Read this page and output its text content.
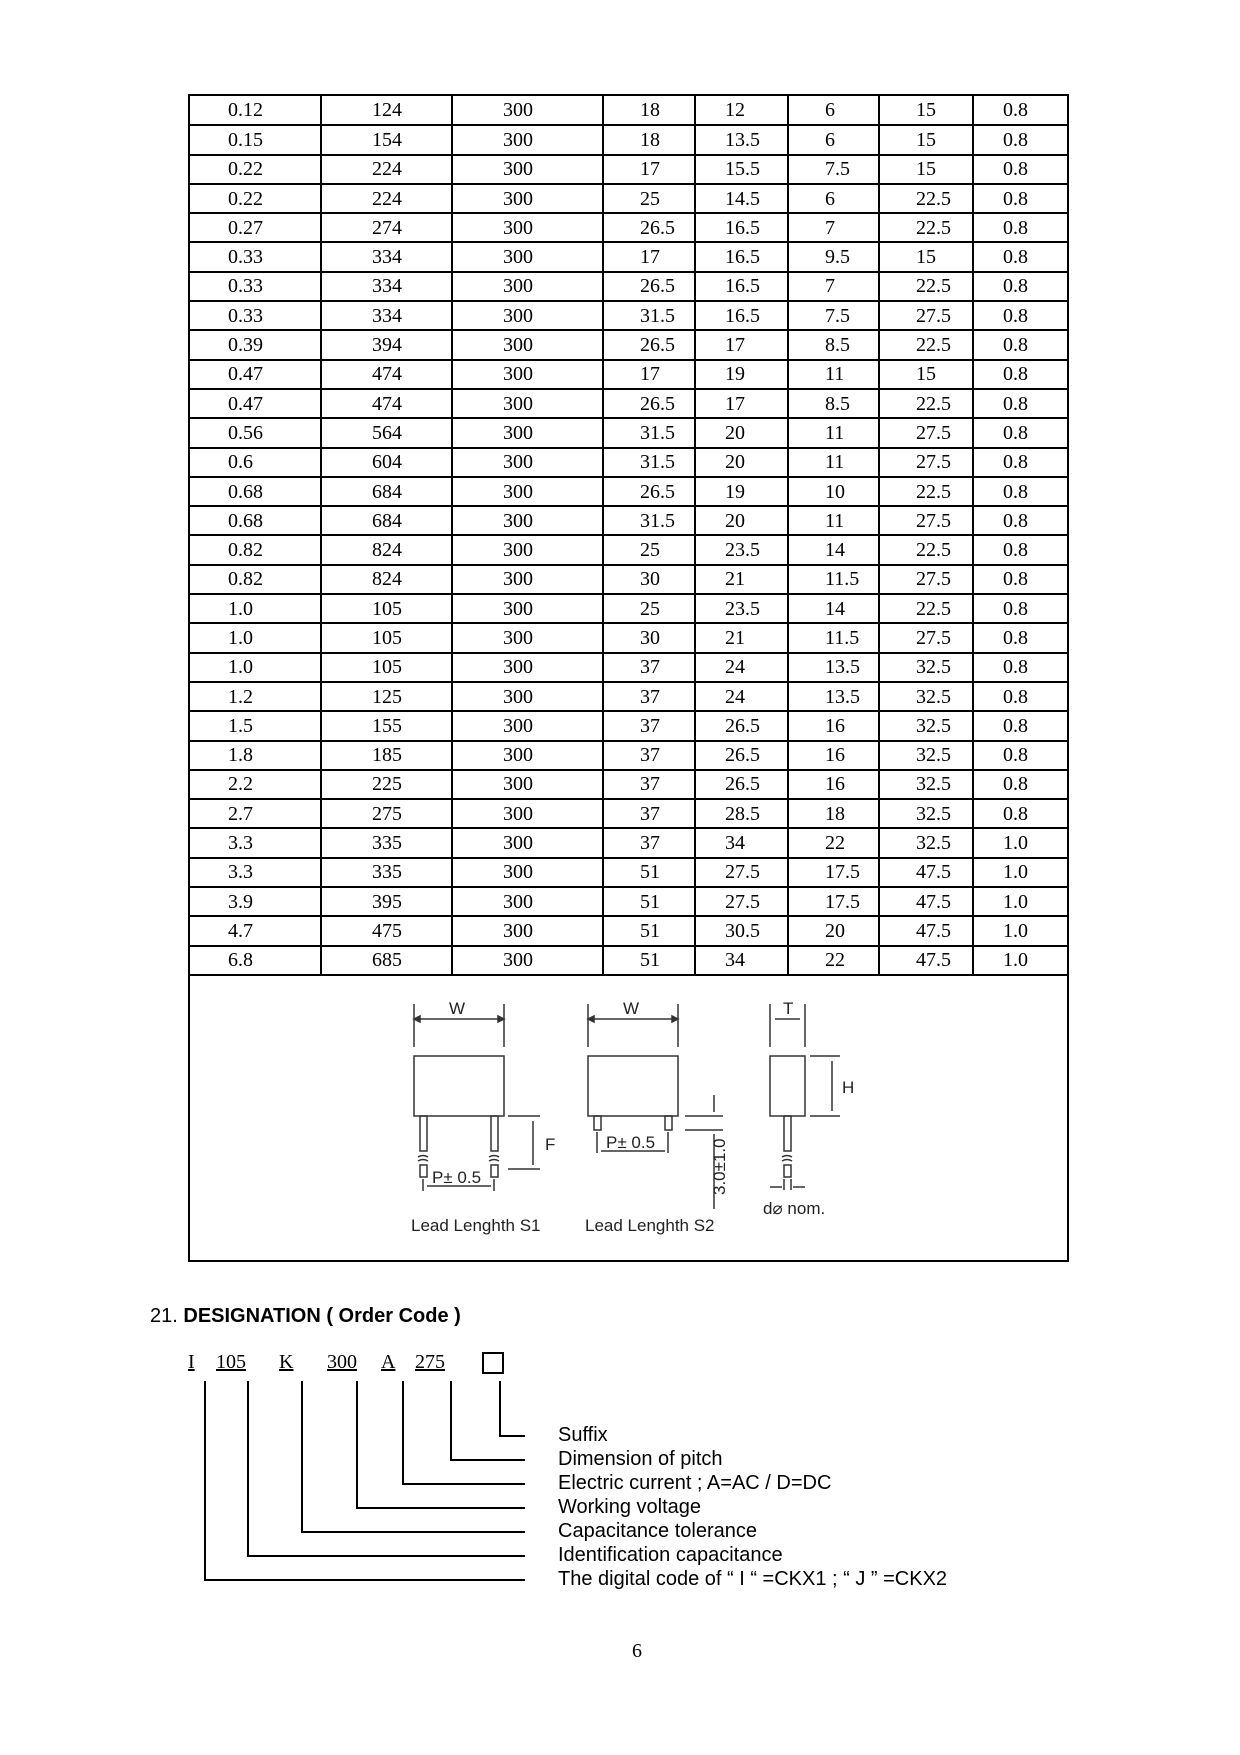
0.12	124	300	18	12	6	15	0.8
0.15	154	300	18	13.5	6	15	0.8
0.22	224	300	17	15.5	7.5	15	0.8
0.22	224	300	25	14.5	6	22.5	0.8
0.27	274	300	26.5	16.5	7	22.5	0.8
0.33	334	300	17	16.5	9.5	15	0.8
0.33	334	300	26.5	16.5	7	22.5	0.8
0.33	334	300	31.5	16.5	7.5	27.5	0.8
0.39	394	300	26.5	17	8.5	22.5	0.8
0.47	474	300	17	19	11	15	0.8
0.47	474	300	26.5	17	8.5	22.5	0.8
0.56	564	300	31.5	20	11	27.5	0.8
0.6	604	300	31.5	20	11	27.5	0.8
0.68	684	300	26.5	19	10	22.5	0.8
0.68	684	300	31.5	20	11	27.5	0.8
0.82	824	300	25	23.5	14	22.5	0.8
0.82	824	300	30	21	11.5	27.5	0.8
1.0	105	300	25	23.5	14	22.5	0.8
1.0	105	300	30	21	11.5	27.5	0.8
1.0	105	300	37	24	13.5	32.5	0.8
1.2	125	300	37	24	13.5	32.5	0.8
1.5	155	300	37	26.5	16	32.5	0.8
1.8	185	300	37	26.5	16	32.5	0.8
2.2	225	300	37	26.5	16	32.5	0.8
2.7	275	300	37	28.5	18	32.5	0.8
3.3	335	300	37	34	22	32.5	1.0
3.3	335	300	51	27.5	17.5	47.5	1.0
3.9	395	300	51	27.5	17.5	47.5	1.0
4.7	475	300	51	30.5	20	47.5	1.0
6.8	685	300	51	34	22	47.5	1.0
W	W	T
H
F
P± 0.5
P± 0.5	3.0±1.0
d⌀ nom.
Lead Lenghth S1	Lead Lenghth S2
21. DESIGNATION ( Order Code )
I 105 K 300 A 275
Suffix
Dimension of pitch
Electric current ; A=AC / D=DC
Working voltage
Capacitance tolerance
Identification capacitance
The digital code of “ I “ =CKX1 ; “ J ” =CKX2
6
